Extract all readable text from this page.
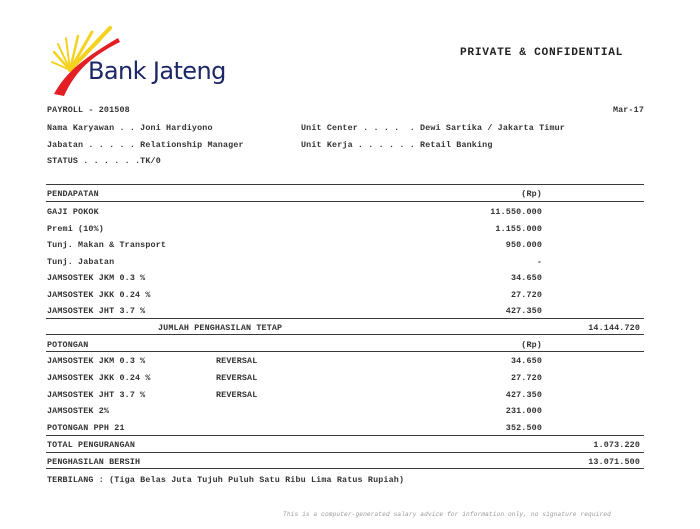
Bank Jateng
PRIVATE & CONFIDENTIAL
PAYROLL - 201508	Mar-17
Nama Karyawan . . Joni Hardiyono
Jabatan . . . . . Relationship Manager
STATUS . . . . . .TK/0
Unit Center . . . .  . Dewi Sartika / Jakarta Timur
Unit Kerja . . . . . . Retail Banking
PENDAPATAN	(Rp)
GAJI POKOK	11.550.000
Premi (10%)	1.155.000
Tunj. Makan & Transport	950.000
Tunj. Jabatan	-
JAMSOSTEK JKM 0.3 %	34.650
JAMSOSTEK JKK 0.24 %	27.720
JAMSOSTEK JHT 3.7 %	427.350
JUMLAH PENGHASILAN TETAP	14.144.720
POTONGAN	(Rp)
JAMSOSTEK JKM 0.3 %	REVERSAL	34.650
JAMSOSTEK JKK 0.24 %	REVERSAL	27.720
JAMSOSTEK JHT 3.7 %	REVERSAL	427.350
JAMSOSTEK 2%	231.000
POTONGAN PPH 21	352.500
TOTAL PENGURANGAN	1.073.220
PENGHASILAN BERSIH	13.071.500
TERBILANG : (Tiga Belas Juta Tujuh Puluh Satu Ribu Lima Ratus Rupiah)
This is a computer-generated salary advice for information only, no signature required
